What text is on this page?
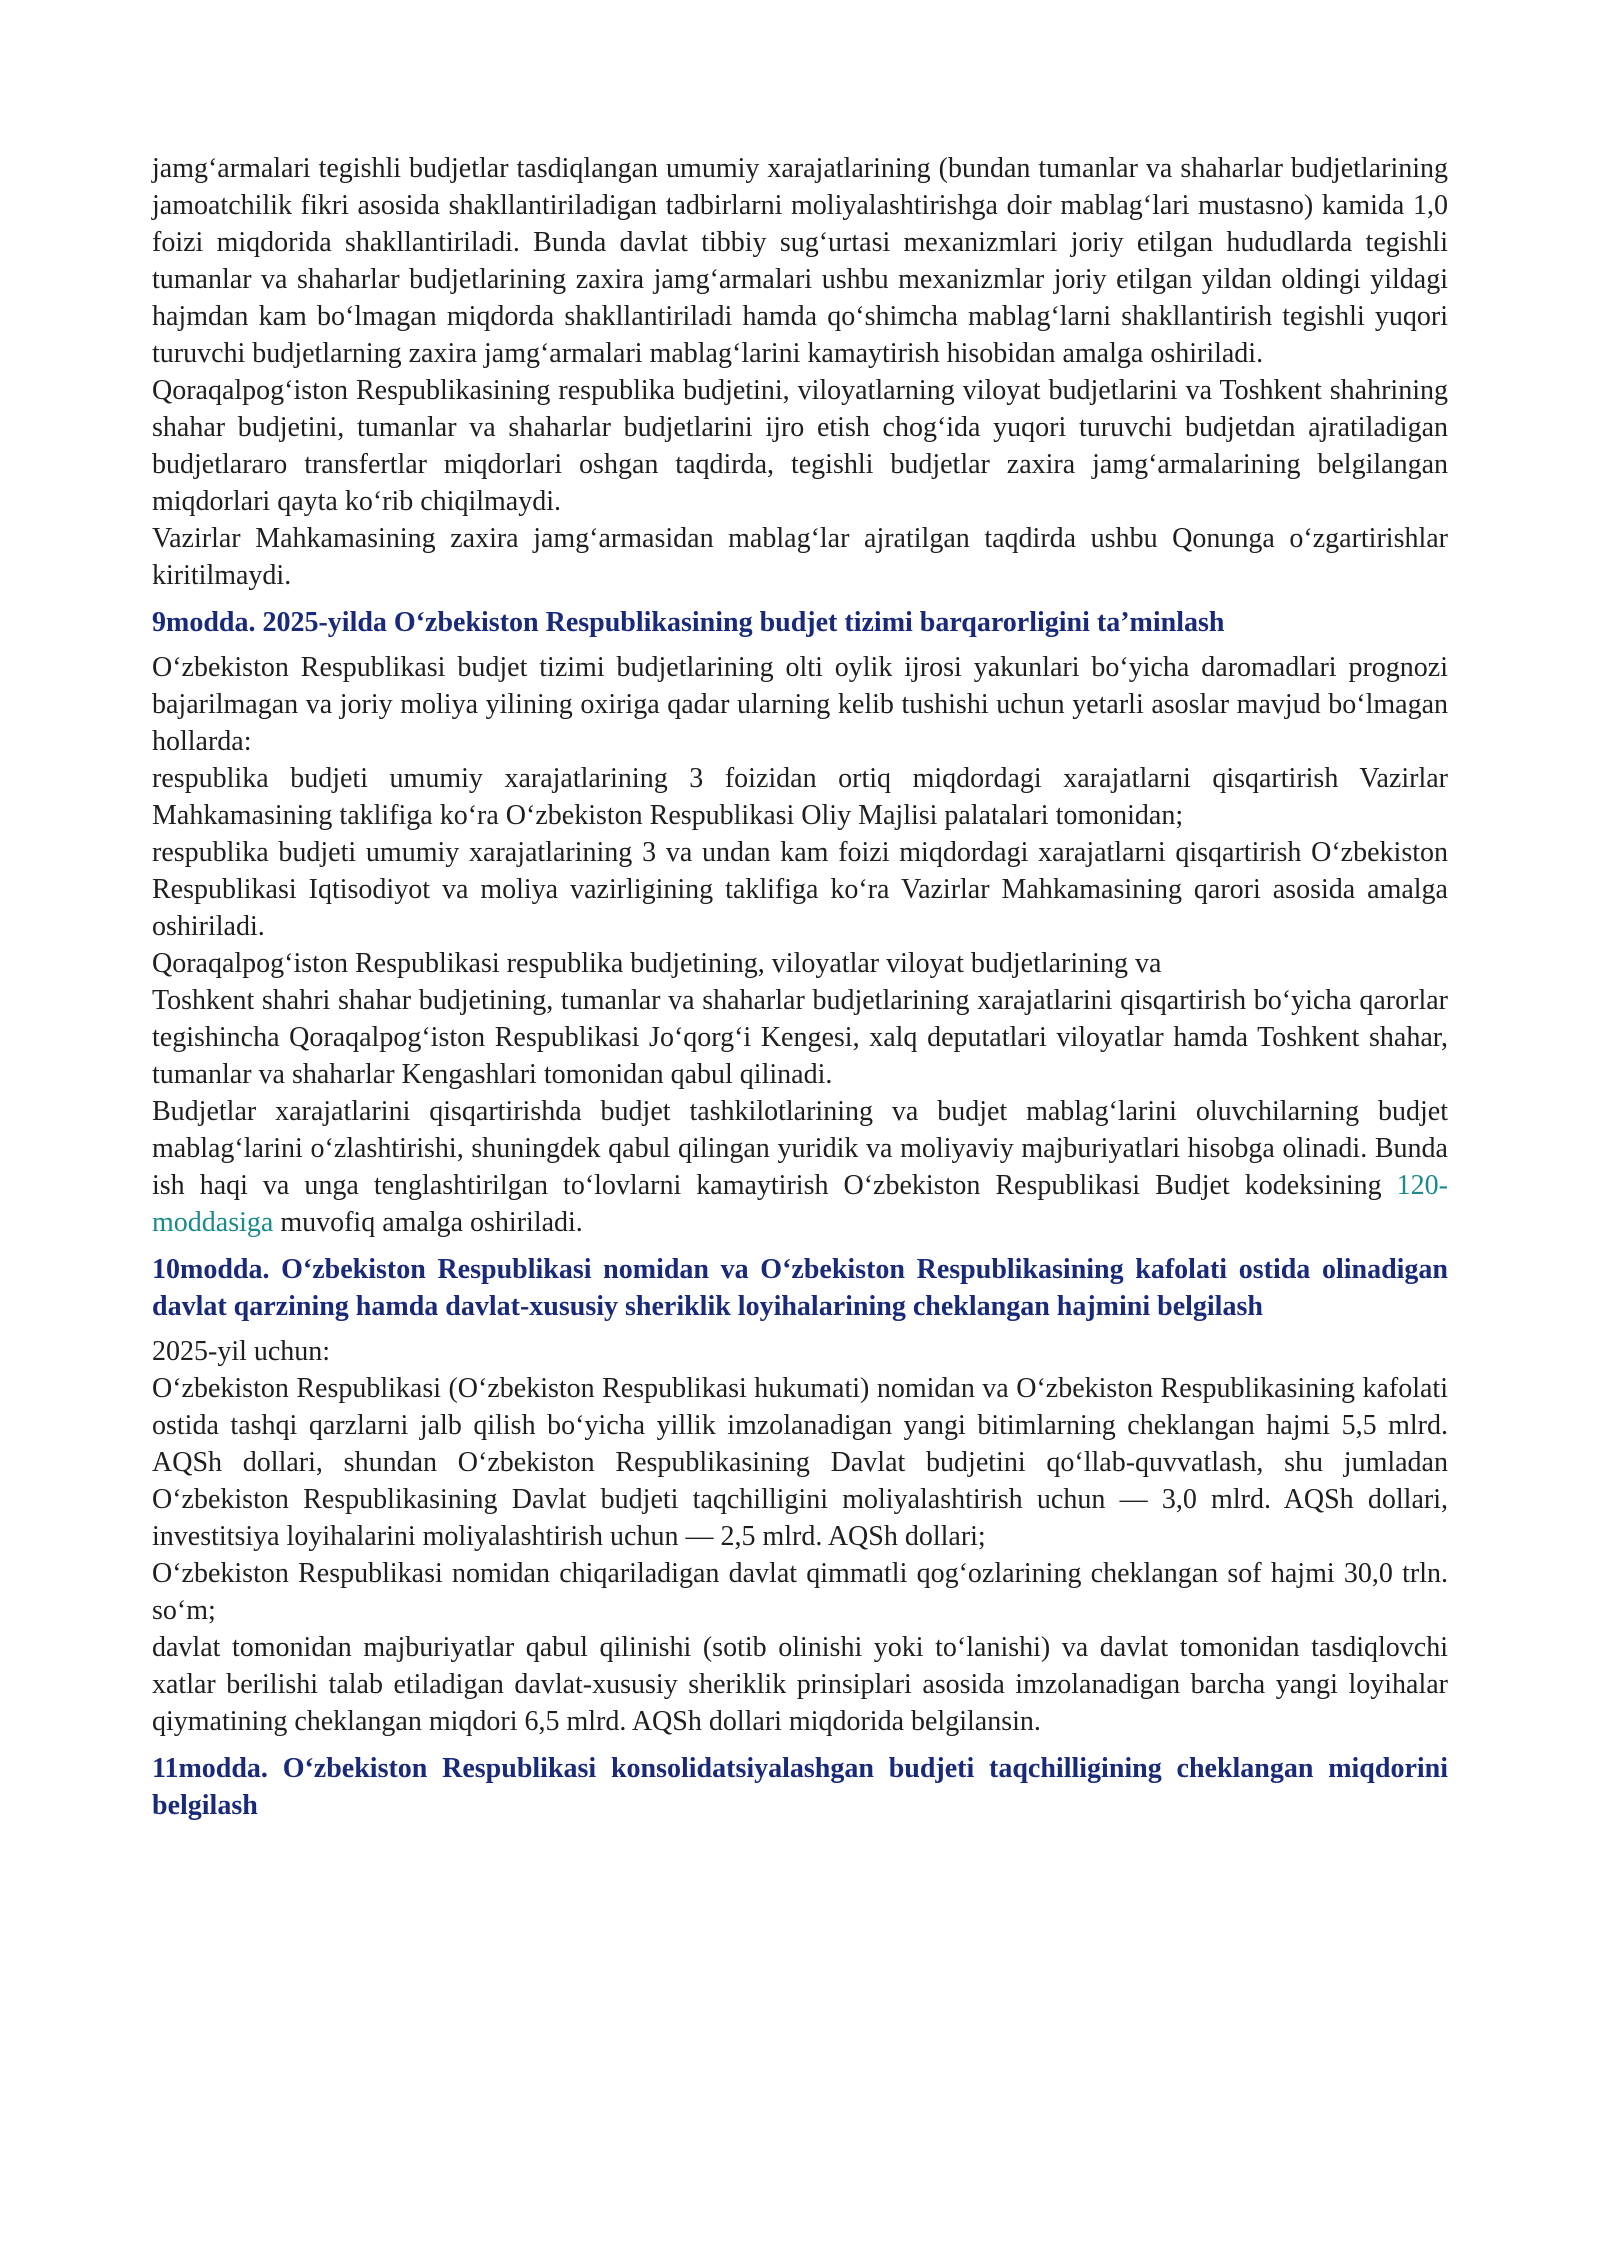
jamg‘armalari tegishli budjetlar tasdiqlangan umumiy xarajatlarining (bundan tumanlar va shaharlar budjetlarining jamoatchilik fikri asosida shakllantiriladigan tadbirlarni moliyalashtirishga doir mablag‘lari mustasno) kamida 1,0 foizi miqdorida shakllantiriladi. Bunda davlat tibbiy sug‘urtasi mexanizmlari joriy etilgan hududlarda tegishli tumanlar va shaharlar budjetlarining zaxira jamg‘armalari ushbu mexanizmlar joriy etilgan yildan oldingi yildagi hajmdan kam bo‘lmagan miqdorda shakllantiriladi hamda qo‘shimcha mablag‘larni shakllantirish tegishli yuqori turuvchi budjetlarning zaxira jamg‘armalari mablag‘larini kamaytirish hisobidan amalga oshiriladi.

Qoraqalpog‘iston Respublikasining respublika budjetini, viloyatlarning viloyat budjetlarini va Toshkent shahrining shahar budjetini, tumanlar va shaharlar budjetlarini ijro etish chog‘ida yuqori turuvchi budjetdan ajratiladigan budjetlararo transfertlar miqdorlari oshgan taqdirda, tegishli budjetlar zaxira jamg‘armalarining belgilangan miqdorlari qayta ko‘rib chiqilmaydi.

Vazirlar Mahkamasining zaxira jamg‘armasidan mablag‘lar ajratilgan taqdirda ushbu Qonunga o‘zgartirishlar kiritilmaydi.

9modda. 2025-yilda O‘zbekiston Respublikasining budjet tizimi barqarorligini ta’minlash

O‘zbekiston Respublikasi budjet tizimi budjetlarining olti oylik ijrosi yakunlari bo‘yicha daromadlari prognozi bajarilmagan va joriy moliya yilining oxiriga qadar ularning kelib tushishi uchun yetarli asoslar mavjud bo‘lmagan hollarda:

respublika budjeti umumiy xarajatlarining 3 foizidan ortiq miqdordagi xarajatlarni qisqartirish Vazirlar Mahkamasining taklifiga ko‘ra O‘zbekiston Respublikasi Oliy Majlisi palatalari tomonidan;

respublika budjeti umumiy xarajatlarining 3 va undan kam foizi miqdordagi xarajatlarni qisqartirish O‘zbekiston Respublikasi Iqtisodiyot va moliya vazirligining taklifiga ko‘ra Vazirlar Mahkamasining qarori asosida amalga oshiriladi.

Qoraqalpog‘iston Respublikasi respublika budjetining, viloyatlar viloyat budjetlarining va

Toshkent shahri shahar budjetining, tumanlar va shaharlar budjetlarining xarajatlarini qisqartirish bo‘yicha qarorlar tegishincha Qoraqalpog‘iston Respublikasi Jo‘qorg‘i Kengesi, xalq deputatlari viloyatlar hamda Toshkent shahar, tumanlar va shaharlar Kengashlari tomonidan qabul qilinadi.

Budjetlar xarajatlarini qisqartirishda budjet tashkilotlarining va budjet mablag‘larini oluvchilarning budjet mablag‘larini o‘zlashtirishi, shuningdek qabul qilingan yuridik va moliyaviy majburiyatlari hisobga olinadi. Bunda ish haqi va unga tenglashtirilgan to‘lovlarni kamaytirish O‘zbekiston Respublikasi Budjet kodeksining 120-moddasiga muvofiq amalga oshiriladi.

10modda. O‘zbekiston Respublikasi nomidan va O‘zbekiston Respublikasining kafolati ostida olinadigan davlat qarzining hamda davlat-xususiy sheriklik loyihalarining cheklangan hajmini belgilash

2025-yil uchun:

O‘zbekiston Respublikasi (O‘zbekiston Respublikasi hukumati) nomidan va O‘zbekiston Respublikasining kafolati ostida tashqi qarzlarni jalb qilish bo‘yicha yillik imzolanadigan yangi bitimlarning cheklangan hajmi 5,5 mlrd. AQSh dollari, shundan O‘zbekiston Respublikasining Davlat budjetini qo‘llab-quvvatlash, shu jumladan O‘zbekiston Respublikasining Davlat budjeti taqchilligini moliyalashtirish uchun — 3,0 mlrd. AQSh dollari, investitsiya loyihalarini moliyalashtirish uchun — 2,5 mlrd. AQSh dollari;

O‘zbekiston Respublikasi nomidan chiqariladigan davlat qimmatli qog‘ozlarining cheklangan sof hajmi 30,0 trln. so‘m;

davlat tomonidan majburiyatlar qabul qilinishi (sotib olinishi yoki to‘lanishi) va davlat tomonidan tasdiqlovchi xatlar berilishi talab etiladigan davlat-xususiy sheriklik prinsiplari asosida imzolanadigan barcha yangi loyihalar qiymatining cheklangan miqdori 6,5 mlrd. AQSh dollari miqdorida belgilansin.

11modda. O‘zbekiston Respublikasi konsolidatsiyalashgan budjeti taqchilligining cheklangan miqdorini belgilash
